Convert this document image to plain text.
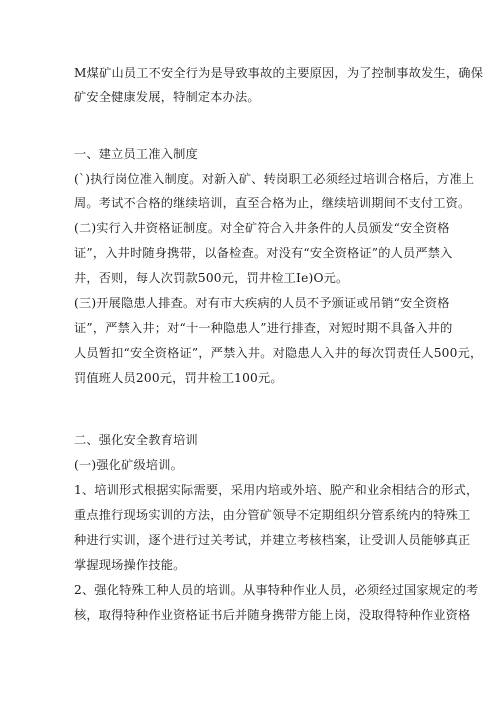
M煤矿山员工不安全行为是导致事故的主要原因，为了控制事故发生，确保
矿安全健康发展，特制定本办法。
一、建立员工准入制度
(`)执行岗位准入制度。对新入矿、转岗职工必须经过培训合格后，方准上
周。考试不合格的继续培训，直至合格为止，继续培训期间不支付工资。
(二)实行入井资格证制度。对全矿符合入井条件的人员颁发“安全资格
证”，入井时随身携带，以备检查。对没有“安全资格证”的人员严禁入
井，否则，每人次罚款500元，罚井检工Ie)O元。
(三)开展隐患人排查。对有市大疾病的人员不予颁证或吊销“安全资格
证”，严禁入井；对“十一种隐患人”进行排查，对短时期不具备入井的
人员暂扣“安全资格证”，严禁入井。对隐患人入井的每次罚责任人500元，
罚值班人员200元，罚井检工100元。
二、强化安全教育培训
(一)强化矿级培训。
1、培训形式根据实际需要，采用内培或外培、脱产和业余相结合的形式，
重点推行现场实训的方法，由分管矿领导不定期组织分管系统内的特殊工
种进行实训，逐个进行过关考试，并建立考核档案，让受训人员能够真正
掌握现场操作技能。
2、强化特殊工种人员的培训。从事特种作业人员，必须经过国家规定的考
核，取得特种作业资格证书后并随身携带方能上岗，没取得特种作业资格
